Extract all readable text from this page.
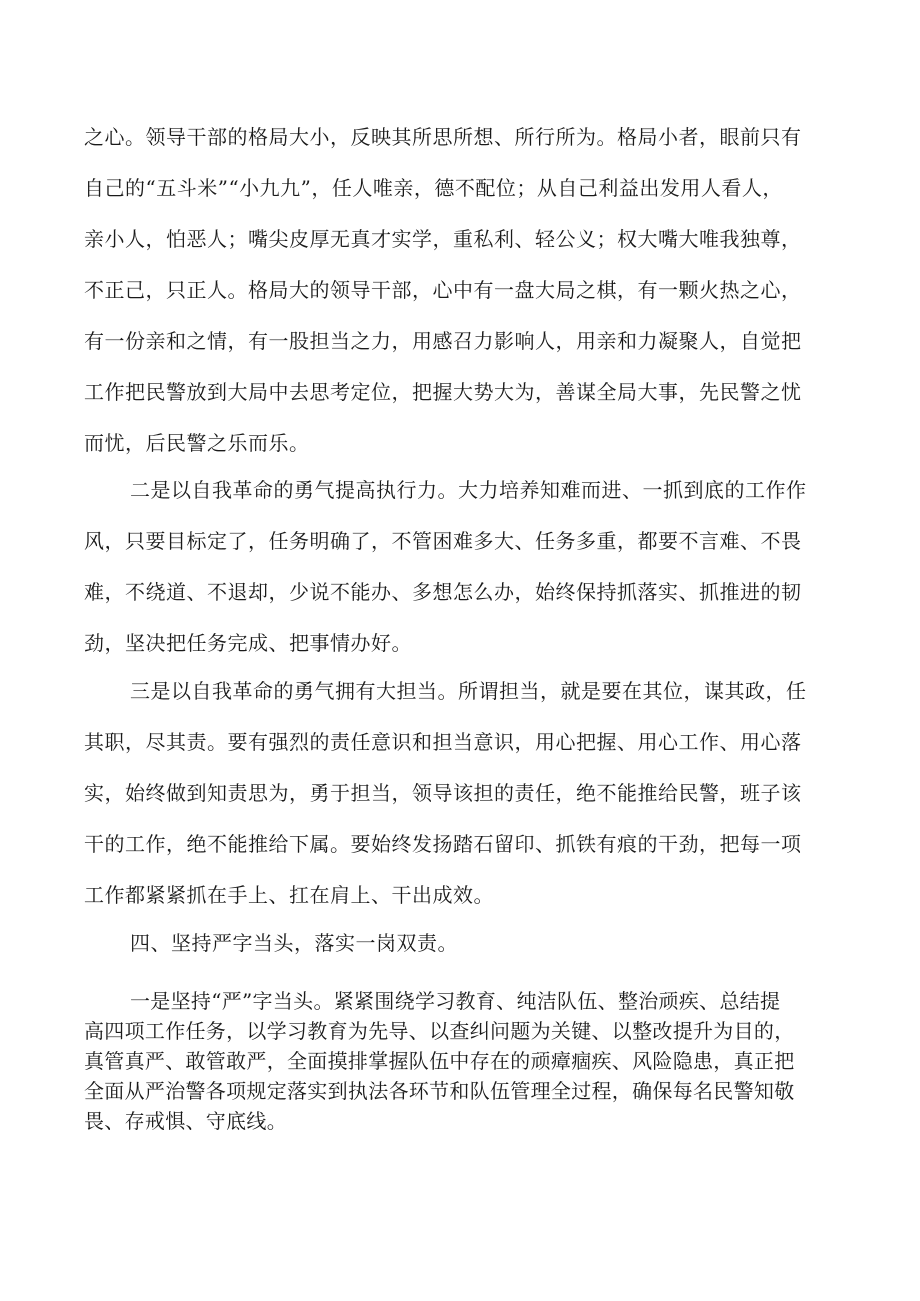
之心。领导干部的格局大小，反映其所思所想、所行所为。格局小者，眼前只有
自己的“五斗米”“小九九”，任人唯亲，德不配位；从自己利益出发用人看人，
亲小人，怕恶人；嘴尖皮厚无真才实学，重私利、轻公义；权大嘴大唯我独尊，
不正己，只正人。格局大的领导干部，心中有一盘大局之棋，有一颗火热之心，
有一份亲和之情，有一股担当之力，用感召力影响人，用亲和力凝聚人，自觉把
工作把民警放到大局中去思考定位，把握大势大为，善谋全局大事，先民警之忧
而忧，后民警之乐而乐。
二是以自我革命的勇气提高执行力。大力培养知难而进、一抓到底的工作作
风，只要目标定了，任务明确了，不管困难多大、任务多重，都要不言难、不畏
难，不绕道、不退却，少说不能办、多想怎么办，始终保持抓落实、抓推进的韧
劲，坚决把任务完成、把事情办好。
三是以自我革命的勇气拥有大担当。所谓担当，就是要在其位，谋其政，任
其职，尽其责。要有强烈的责任意识和担当意识，用心把握、用心工作、用心落
实，始终做到知责思为，勇于担当，领导该担的责任，绝不能推给民警，班子该
干的工作，绝不能推给下属。要始终发扬踏石留印、抓铁有痕的干劲，把每一项
工作都紧紧抓在手上、扛在肩上、干出成效。
四、坚持严字当头，落实一岗双责。
一是坚持“严”字当头。紧紧围绕学习教育、纯洁队伍、整治顽疾、总结提
高四项工作任务，以学习教育为先导、以查纠问题为关键、以整改提升为目的，
真管真严、敢管敢严，全面摸排掌握队伍中存在的顽瘴痼疾、风险隐患，真正把
全面从严治警各项规定落实到执法各环节和队伍管理全过程，确保每名民警知敬
畏、存戒惧、守底线。
